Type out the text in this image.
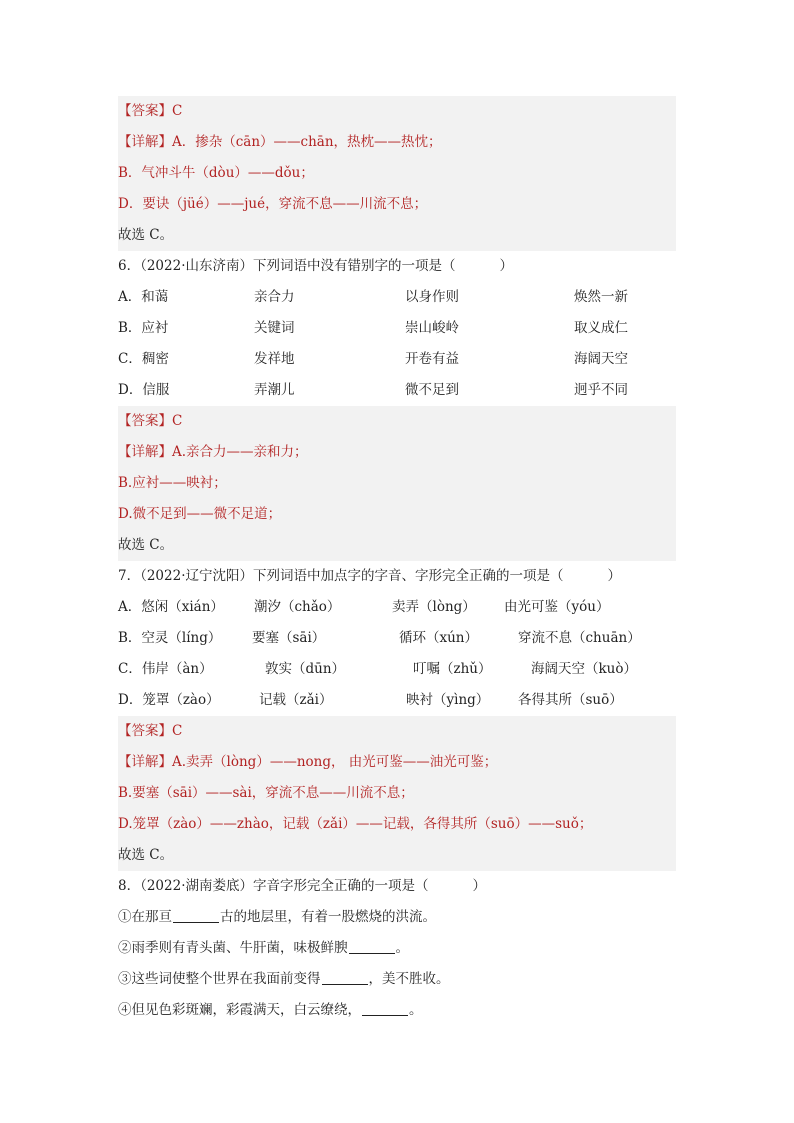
【答案】C
【详解】A．掺杂（cān）——chān，热枕——热忱；
B．气冲斗牛（dòu）——dǒu；
D．要诀（jüé）——jué，穿流不息——川流不息；
故选 C。
6．（2022·山东济南）下列词语中没有错别字的一项是（	）
A．和蔼	亲合力	以身作则	焕然一新
B．应衬	关键词	崇山峻岭	取义成仁
C．稠密	发祥地	开卷有益	海阔天空
D．信服	弄潮儿	微不足到	迥乎不同
【答案】C
【详解】A.亲合力——亲和力；
B.应衬——映衬；
D.微不足到——微不足道；
故选 C。
7．（2022·辽宁沈阳）下列词语中加点字的字音、字形完全正确的一项是（	）
A．悠闲（xián） 潮汐（chǎo）	卖弄（lòng） 由光可鉴（yóu）
B．空灵（líng） 要塞（sāi）	循环（xún）	穿流不息（chuān）
C．伟岸（àn）	敦实（dūn）	叮嘱（zhǔ）	海阔天空（kuò）
D．笼罩（zào）	记载（zǎi）	映衬（yìng） 各得其所（suō）
【答案】C
【详解】A.卖弄（lòng）——nong， 由光可鉴——油光可鉴；
B.要塞（sāi）——sài，穿流不息——川流不息；
D.笼罩（zào）——zhào，记载（zǎi）——记载，各得其所（suō）——suǒ；
故选 C。
8．（2022·湖南娄底）字音字形完全正确的一项是（	）
①在那亘	古的地层里，有着一股燃烧的洪流。
②雨季则有青头菌、牛肝菌，味极鲜腴	。
③这些词使整个世界在我面前变得	，美不胜收。
④但见色彩斑斓，彩霞满天，白云缭绕，	。
